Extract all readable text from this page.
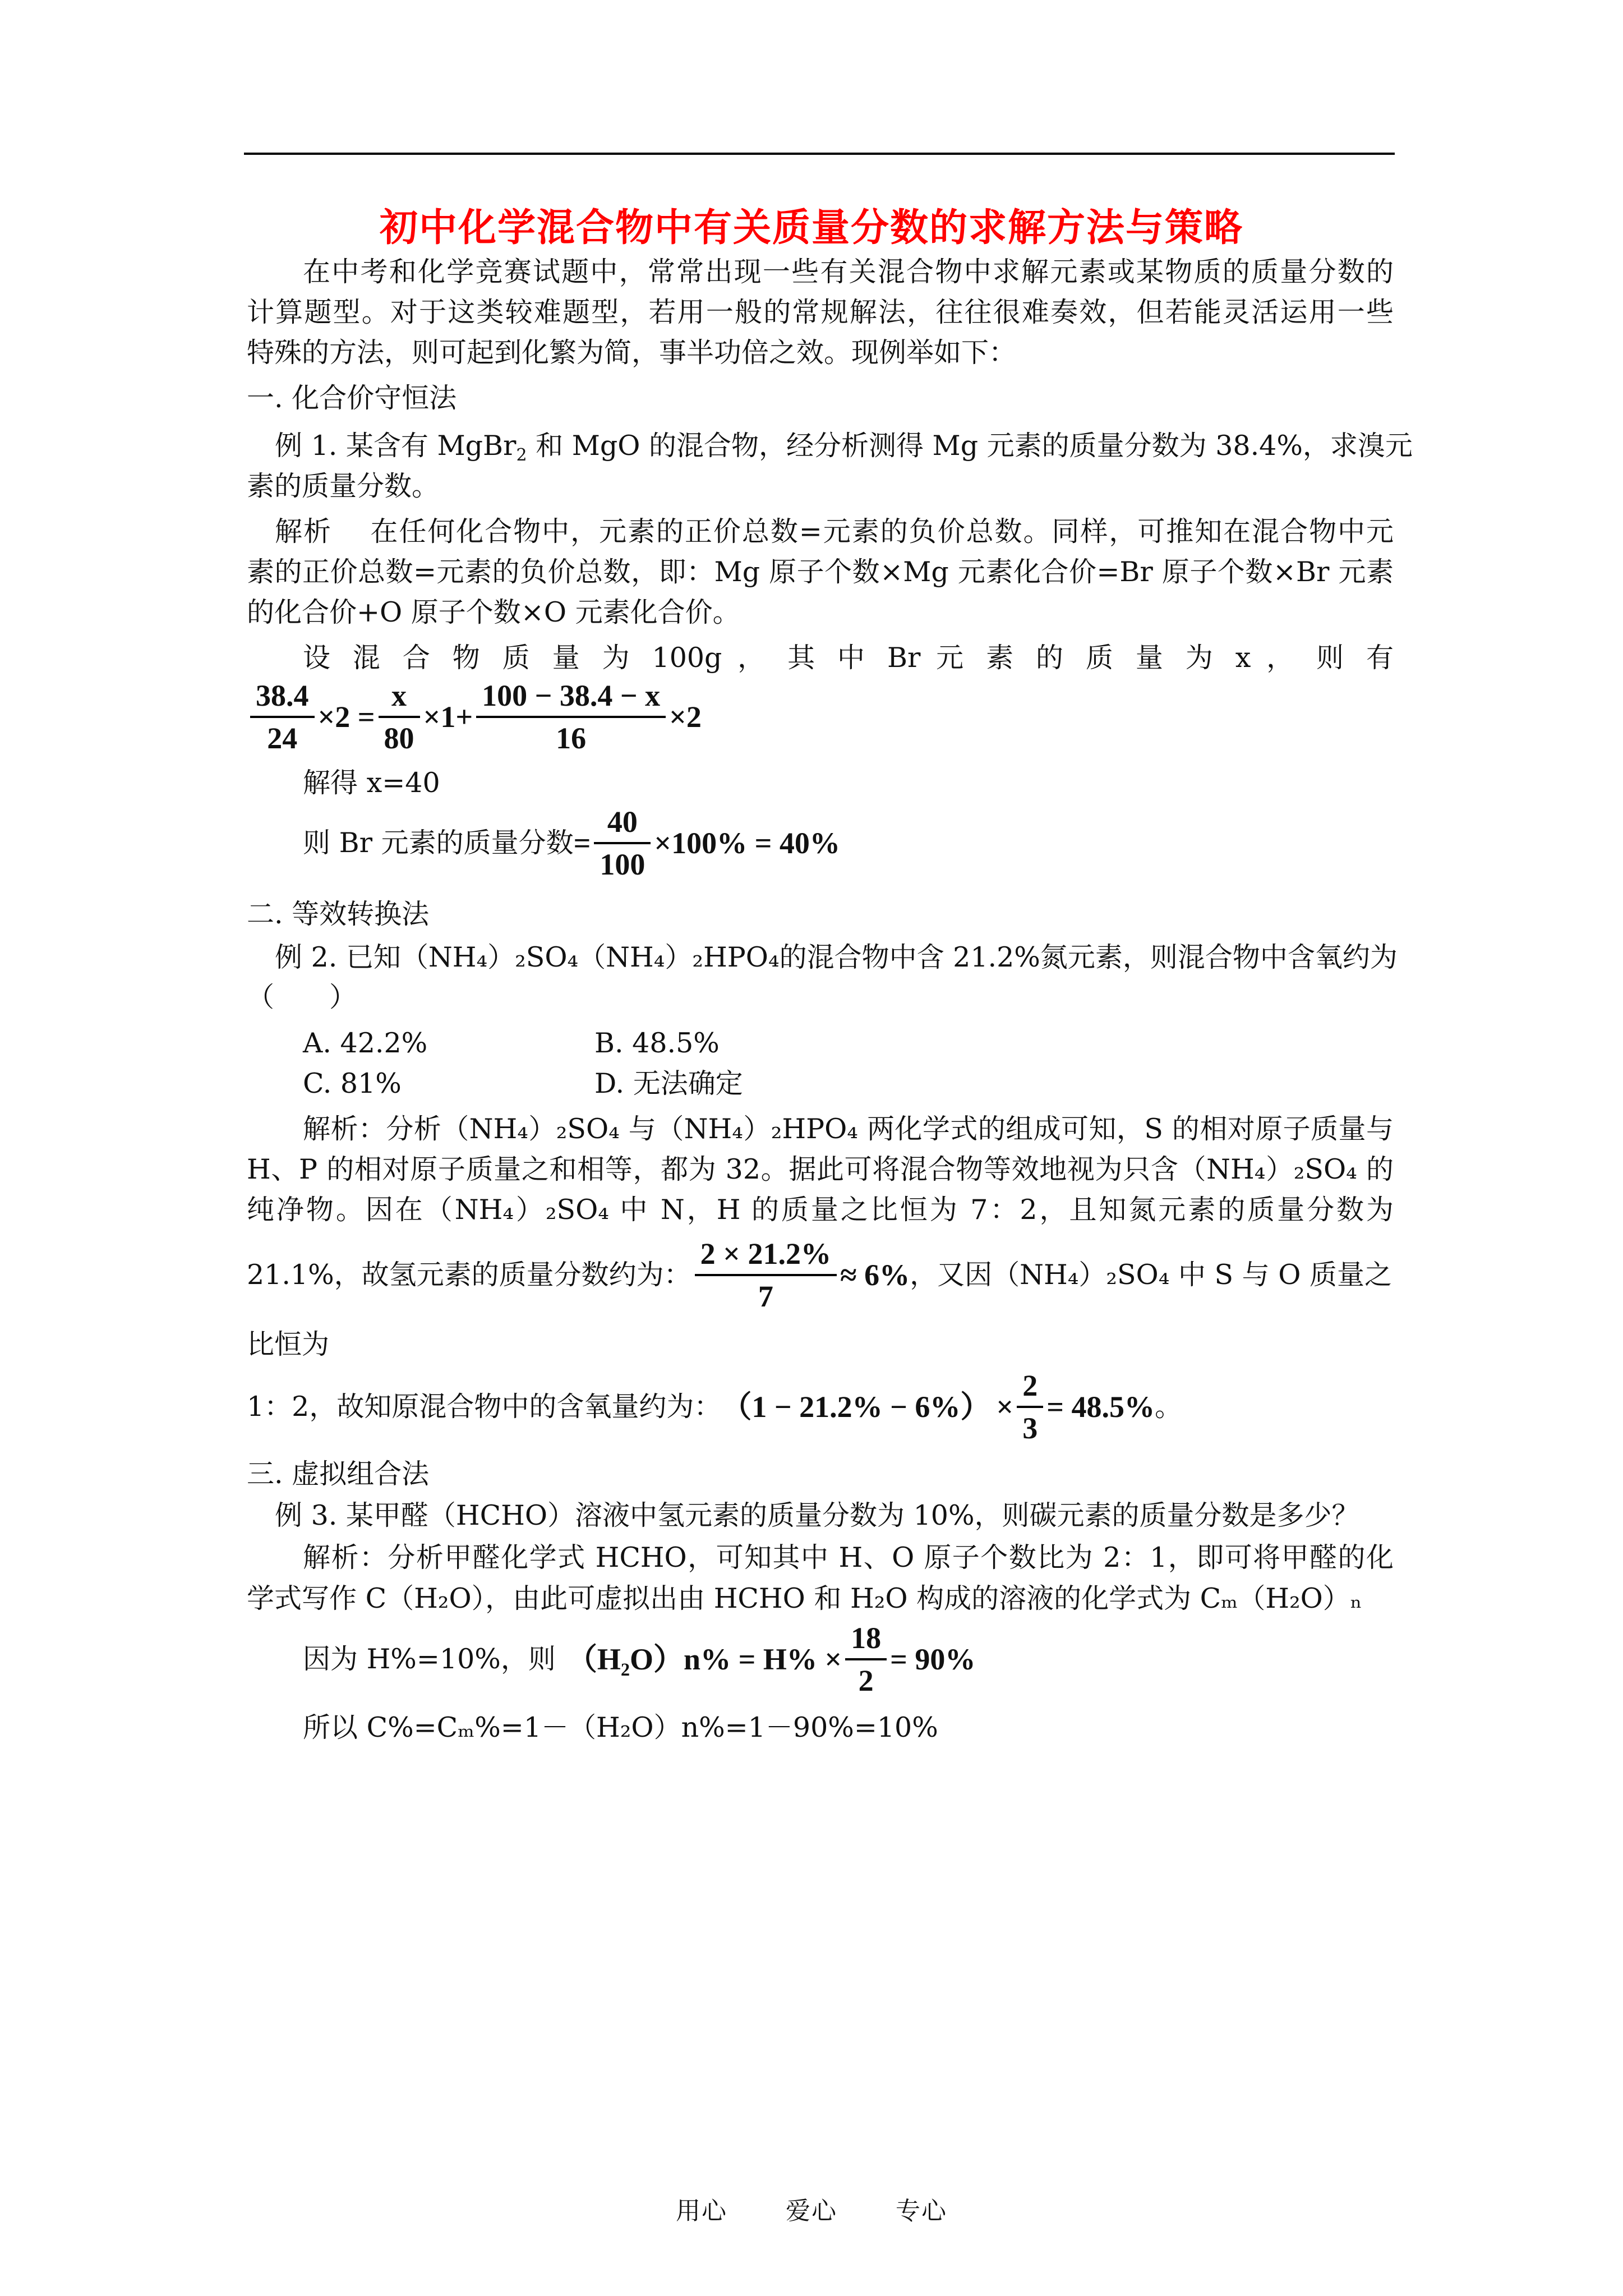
初中化学混合物中有关质量分数的求解方法与策略
在中考和化学竞赛试题中，常常出现一些有关混合物中求解元素或某物质的质量分数的
计算题型。对于这类较难题型，若用一般的常规解法，往往很难奏效，但若能灵活运用一些
特殊的方法，则可起到化繁为简，事半功倍之效。现例举如下：
一. 化合价守恒法
例 1. 某含有 MgBr$_2$ 和 MgO 的混合物，经分析测得 Mg 元素的质量分数为 38.4%，求溴元
素的质量分数。
解析　 在任何化合物中，元素的正价总数=元素的负价总数。同样，可推知在混合物中元
素的正价总数=元素的负价总数，即：Mg 原子个数×Mg 元素化合价=Br 原子个数×Br 元素
的化合价+O 原子个数×O 元素化合价。
设 混 合 物 质 量 为 100g ， 其 中 Br 元 素 的 质 量 为 x ， 则 有
$\frac{38.4}{24} \times 2 = \frac{x}{80} \times 1+ \frac{100 - 38.4 - x}{16} \times 2$
解得 x=40
则 Br 元素的质量分数= $\frac{40}{100} \times 100\% = 40\%$
二. 等效转换法
例 2. 已知（NH₄）₂SO₄（NH₄）₂HPO₄的混合物中含 21.2%氮元素，则混合物中含氧约为
（　　）
A. 42.2%	B. 48.5%
C. 81%	D. 无法确定
解析：分析（NH₄）₂SO₄ 与（NH₄）₂HPO₄ 两化学式的组成可知，S 的相对原子质量与
H、P 的相对原子质量之和相等，都为 32。据此可将混合物等效地视为只含（NH₄）₂SO₄ 的
纯净物。因在（NH₄）₂SO₄ 中 N，H 的质量之比恒为 7：2，且知氮元素的质量分数为
21.1%，故氢元素的质量分数约为： $\frac{2 \times 21.2\%}{7} \approx 6\%$，又因（NH₄）₂SO₄ 中 S 与 O 质量之
比恒为
1：2，故知原混合物中的含氧量约为：$(1 - 21.2\% - 6\%) \times \frac{2}{3} = 48.5\%$。
三. 虚拟组合法
例 3. 某甲醛（HCHO）溶液中氢元素的质量分数为 10%，则碳元素的质量分数是多少？
解析：分析甲醛化学式 HCHO，可知其中 H、O 原子个数比为 2：1，即可将甲醛的化
学式写作 C（H₂O），由此可虚拟出由 HCHO 和 H₂O 构成的溶液的化学式为 Cₘ（H₂O）ₙ
因为 H%=10%，则 $(H_2O)n\% = H\% \times \frac{18}{2} = 90\%$
所以 C%=Cₘ%=1－（H₂O）n%=1－90%=10%
用心 爱心 专心
